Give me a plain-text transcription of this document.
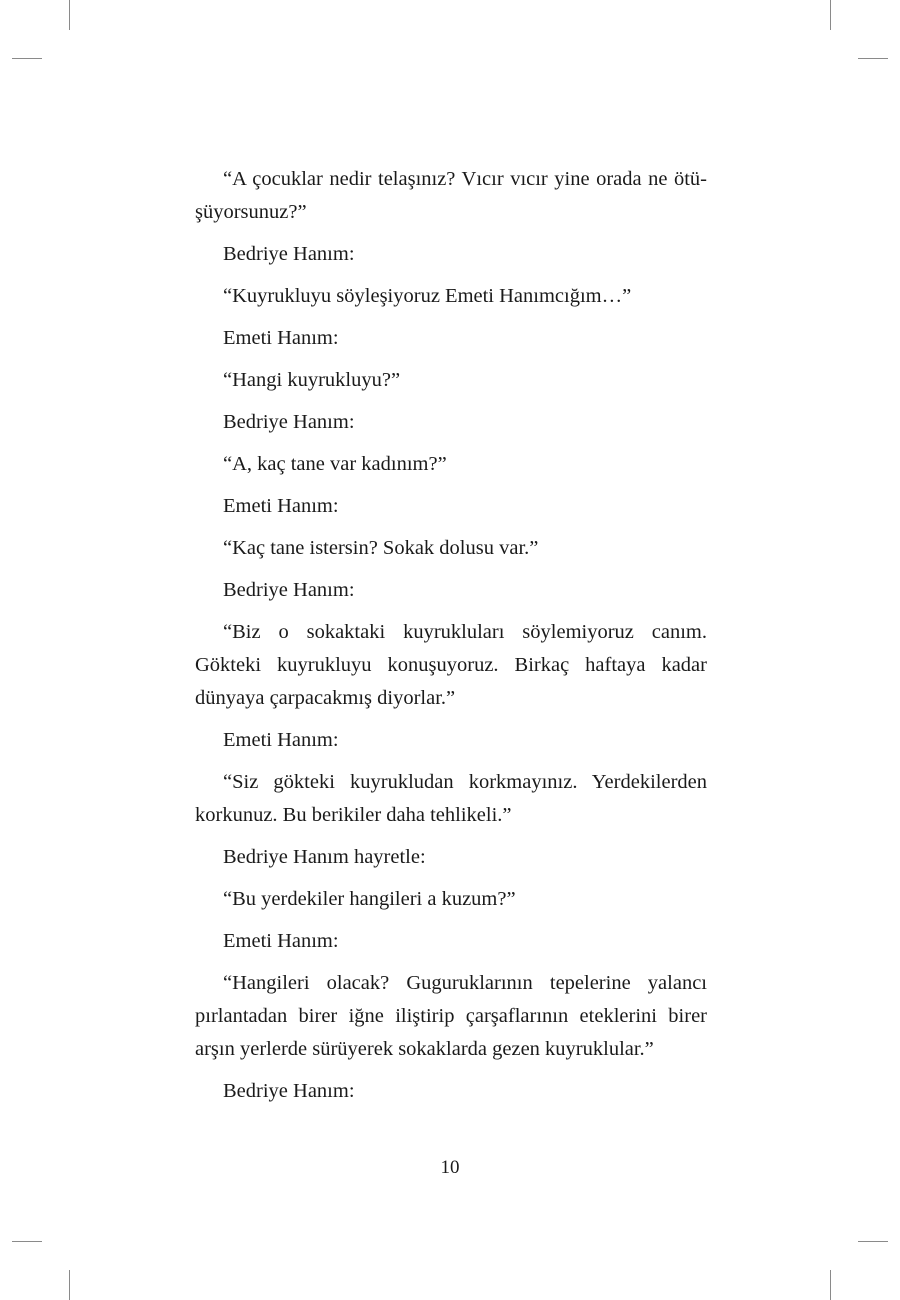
“A çocuklar nedir telaşınız? Vıcır vıcır yine orada ne ötü-şüyorsunuz?”

Bedriye Hanım:

“Kuyrukluyu söyleşiyoruz Emeti Hanımcığım…”

Emeti Hanım:

“Hangi kuyrukluyu?”

Bedriye Hanım:

“A, kaç tane var kadınım?”

Emeti Hanım:

“Kaç tane istersin? Sokak dolusu var.”

Bedriye Hanım:

“Biz o sokaktaki kuyrukluları söylemiyoruz canım. Gökteki kuyrukluyu konuşuyoruz. Birkaç haftaya kadar dünyaya çarpacakmış diyorlar.”

Emeti Hanım:

“Siz gökteki kuyrukludan korkmayınız. Yerdekilerden korkunuz. Bu berikiler daha tehlikeli.”

Bedriye Hanım hayretle:

“Bu yerdekiler hangileri a kuzum?”

Emeti Hanım:

“Hangileri olacak? Guguruklarının tepelerine yalancı pırlantadan birer iğne iliştirip çarşaflarının eteklerini birer arşın yerlerde sürüyerek sokaklarda gezen kuyruklular.”

Bedriye Hanım:

10
